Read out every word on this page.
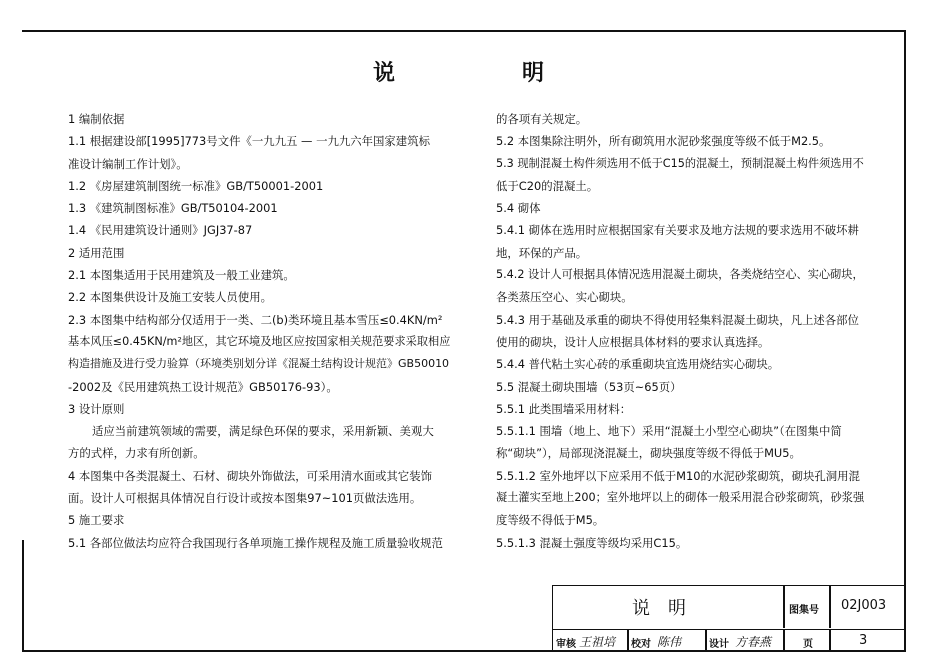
说	明
1 编制依据
1.1 根据建设部[1995]773号文件《一九九五 — 一九九六年国家建筑标
准设计编制工作计划》。
1.2 《房屋建筑制图统一标准》GB/T50001-2001
1.3 《建筑制图标准》GB/T50104-2001
1.4 《民用建筑设计通则》JGJ37-87
2 适用范围
2.1 本图集适用于民用建筑及一般工业建筑。
2.2 本图集供设计及施工安装人员使用。
2.3 本图集中结构部分仅适用于一类、二(b)类环境且基本雪压≤0.4KN/m²
基本风压≤0.45KN/m²地区，其它环境及地区应按国家相关规范要求采取相应
构造措施及进行受力验算（环境类别划分详《混凝土结构设计规范》GB50010
-2002及《民用建筑热工设计规范》GB50176-93）。
3 设计原则
适应当前建筑领域的需要，满足绿色环保的要求，采用新颖、美观大
方的式样，力求有所创新。
4 本图集中各类混凝土、石材、砌块外饰做法，可采用清水面或其它装饰
面。设计人可根据具体情况自行设计或按本图集97~101页做法选用。
5 施工要求
5.1 各部位做法均应符合我国现行各单项施工操作规程及施工质量验收规范
的各项有关规定。
5.2 本图集除注明外，所有砌筑用水泥砂浆强度等级不低于M2.5。
5.3 现制混凝土构件须选用不低于C15的混凝土，预制混凝土构件须选用不
低于C20的混凝土。
5.4 砌体
5.4.1 砌体在选用时应根据国家有关要求及地方法规的要求选用不破坏耕
地，环保的产品。
5.4.2 设计人可根据具体情况选用混凝土砌块，各类烧结空心、实心砌块，
各类蒸压空心、实心砌块。
5.4.3 用于基础及承重的砌块不得使用轻集料混凝土砌块，凡上述各部位
使用的砌块，设计人应根据具体材料的要求认真选择。
5.4.4 普代粘土实心砖的承重砌块宜选用烧结实心砌块。
5.5 混凝土砌块围墙（53页~65页）
5.5.1 此类围墙采用材料：
5.5.1.1 围墙（地上、地下）采用“混凝土小型空心砌块”（在图集中简
称“砌块”），局部现浇混凝土，砌块强度等级不得低于MU5。
5.5.1.2 室外地坪以下应采用不低于M10的水泥砂浆砌筑，砌块孔洞用混
凝土灌实至地上200；室外地坪以上的砌体一般采用混合砂浆砌筑，砂浆强
度等级不得低于M5。
5.5.1.3 混凝土强度等级均采用C15。
说明	图集号 02J003
审核 王祖培 校对 陈伟	设计 方春燕	页	3
